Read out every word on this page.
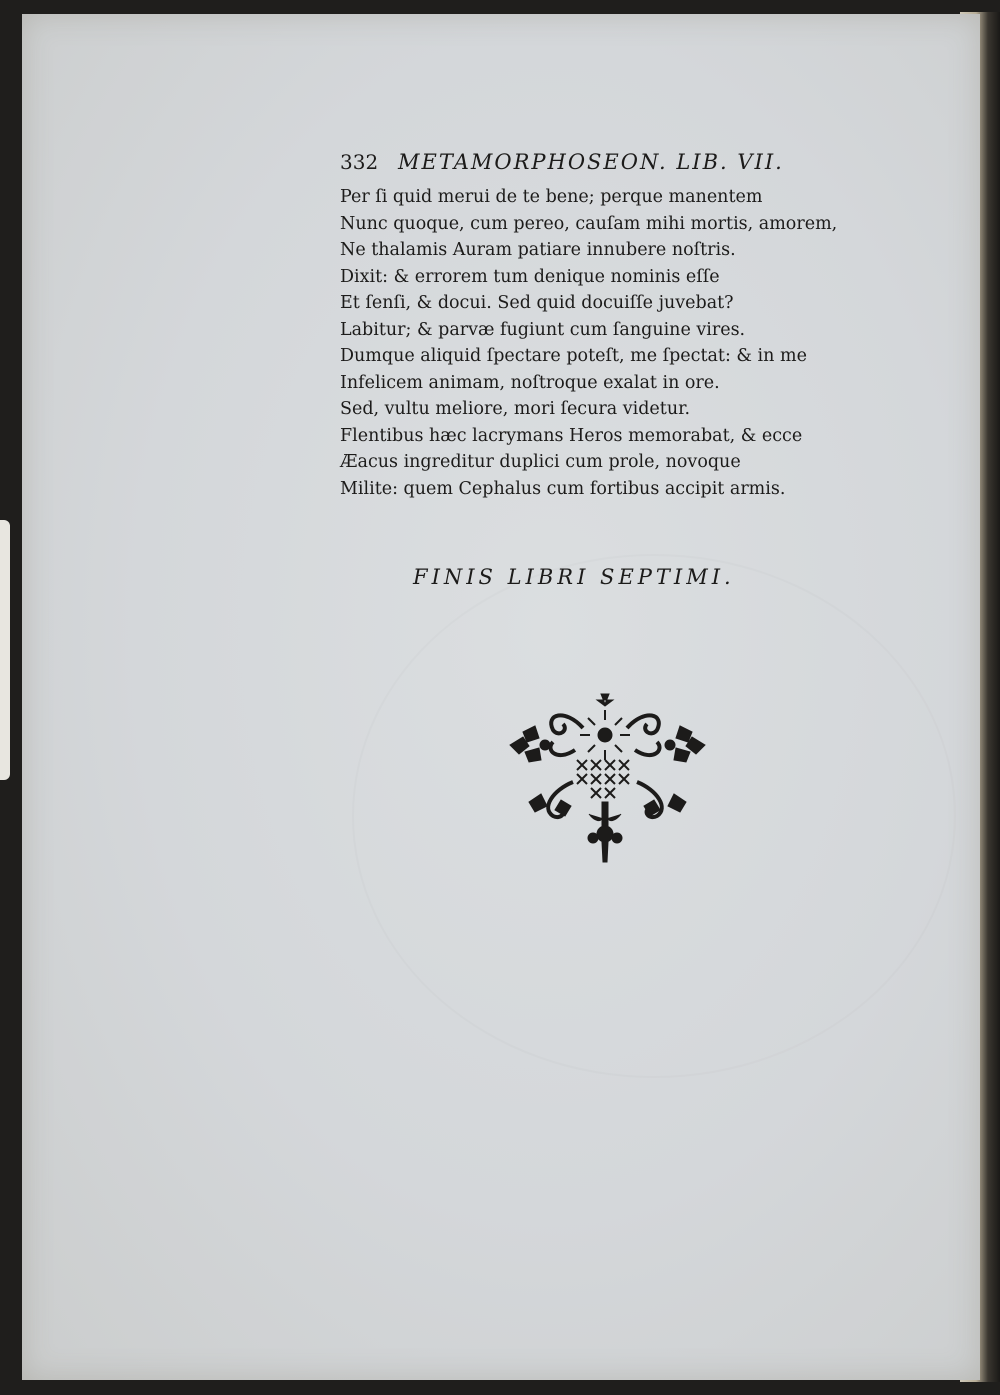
332 METAMORPHOSEON. LIB. VII.
Per ſi quid merui de te bene; perque manentem
Nunc quoque, cum pereo, cauſam mihi mortis, amorem,
Ne thalamis Auram patiare innubere noſtris.
Dixit: & errorem tum denique nominis eſſe
Et ſenſi, & docui. Sed quid docuiſſe juvebat?
Labitur; & parvæ fugiunt cum ſanguine vires.
Dumque aliquid ſpectare poteſt, me ſpectat: & in me
Infelicem animam, noſtroque exalat in ore.
Sed, vultu meliore, mori ſecura videtur.
Flentibus hæc lacrymans Heros memorabat, & ecce
Æacus ingreditur duplici cum prole, novoque
Milite: quem Cephalus cum fortibus accipit armis.
FINIS LIBRI SEPTIMI.
